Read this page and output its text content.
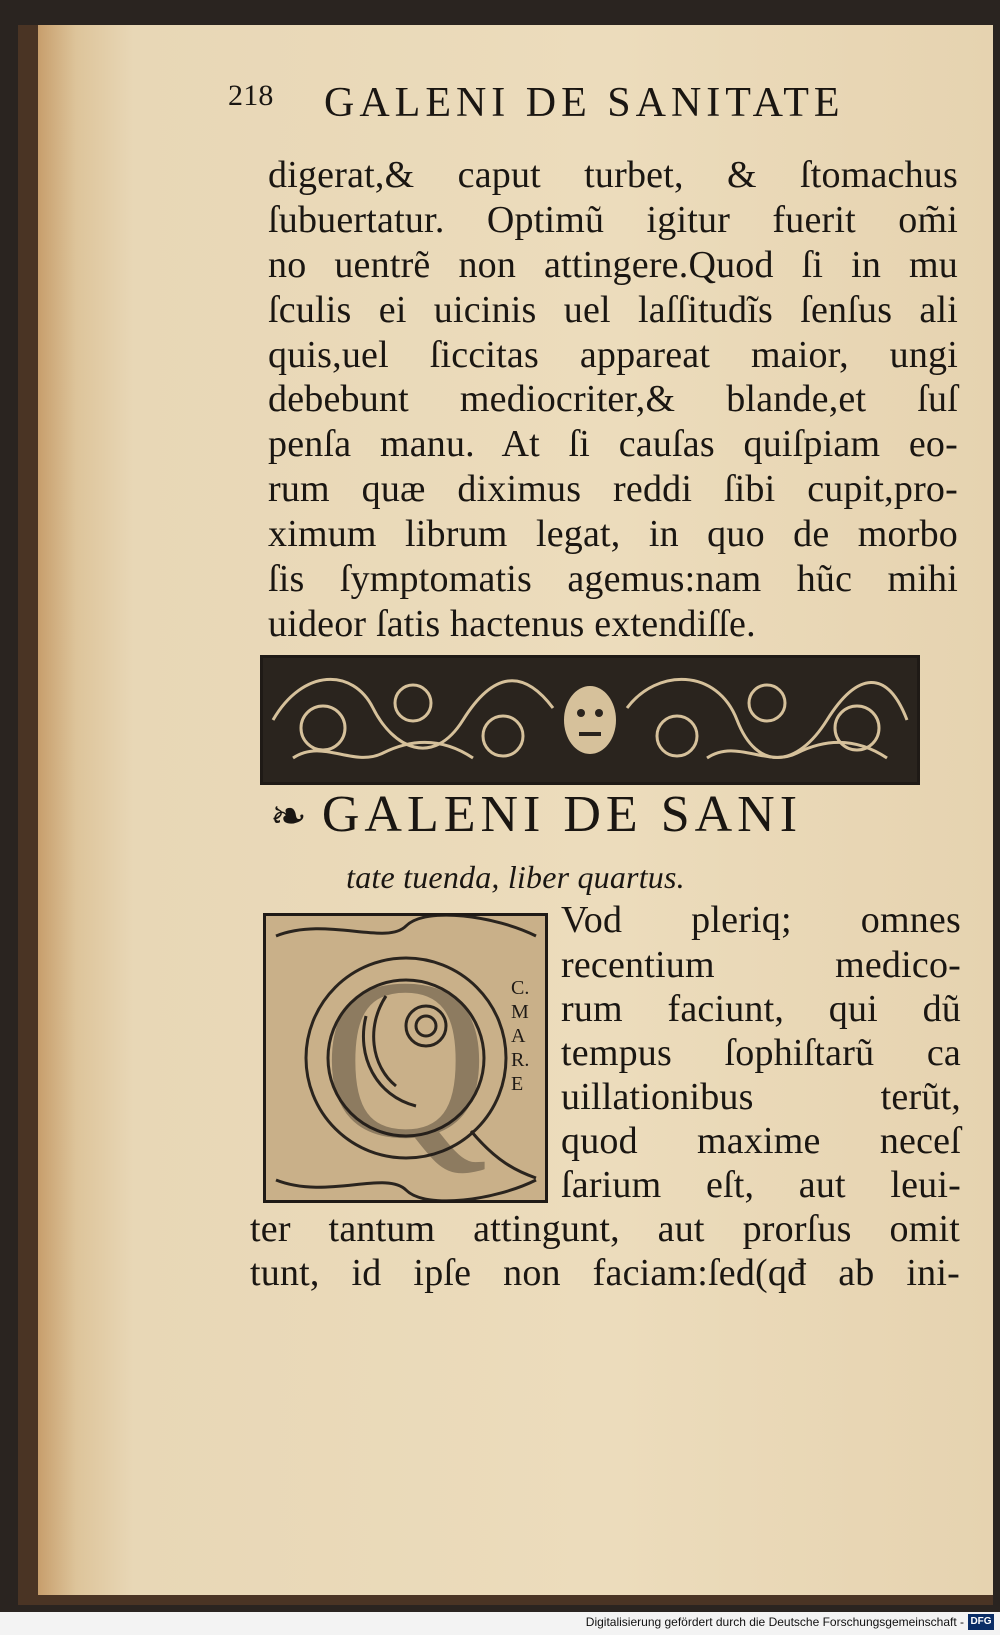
218 GALENI DE SANITATE
digerat,& caput turbet, & ſtomachus
ſubuertatur. Optimũ igitur fuerit om̃i
no uentrẽ non attingere.Quod ſi in mu
ſculis ei uicinis uel laſſitudĩs ſenſus ali
quis,uel ſiccitas appareat maior, ungi
debebunt mediocriter,& blande,et ſuſ
penſa manu. At ſi cauſas quiſpiam eo-
rum quæ diximus reddi ſibi cupit,pro-
ximum librum legat, in quo de morbo
ſis ſymptomatis agemus:nam hũc mihi
uideor ſatis hactenus extendiſſe.
❧ GALENI DE SANI
tate tuenda, liber quartus.
Q	C.MAR.E
Vod pleriq; omnes
recentium medico-
rum faciunt, qui dũ
tempus ſophiſtarũ ca
uillationibus terũt,
quod maxime neceſ
ſarium eſt, aut leui-
ter tantum attingunt, aut prorſus omit
tunt, id ipſe non faciam:ſed(qđ ab ini-
Digitalisierung gefördert durch die Deutsche Forschungsgemeinschaft - DFG
